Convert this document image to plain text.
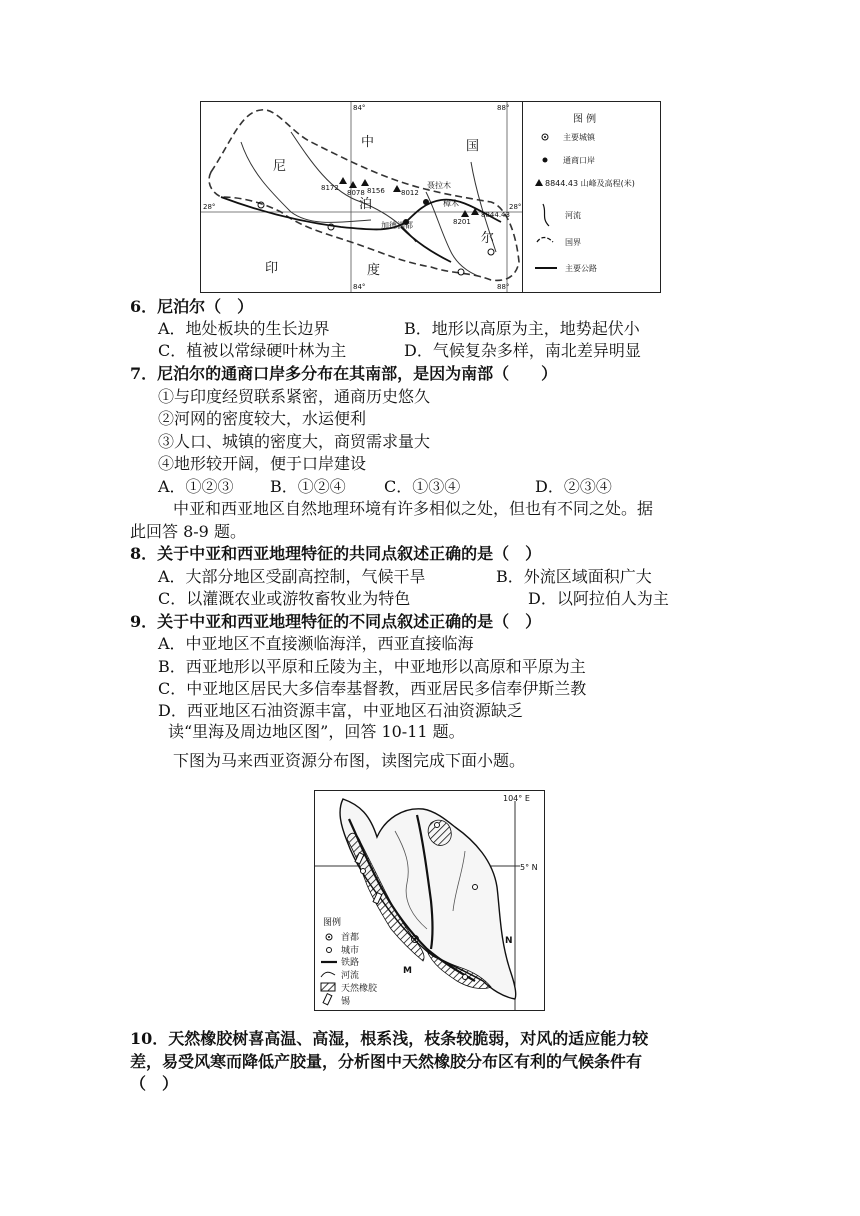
中	国
尼
泊
尔
印	度
加德满都
樟木
聂拉木
84°	88°
28°	28°
84°	88°
8172
8078 8156 8012
8201
8844.43
图 例
主要城镇
通商口岸
8844.43 山峰及高程(米)
河流
国界
主要公路
6．尼泊尔（　）
A．地处板块的生长边界	B．地形以高原为主，地势起伏小
C．植被以常绿硬叶林为主	D．气候复杂多样，南北差异明显
7．尼泊尔的通商口岸多分布在其南部，是因为南部（　　）
①与印度经贸联系紧密，通商历史悠久
②河网的密度较大，水运便利
③人口、城镇的密度大，商贸需求量大
④地形较开阔，便于口岸建设
A．①②③ B．①②④ C．①③④	D．②③④
中亚和西亚地区自然地理环境有许多相似之处，但也有不同之处。据
此回答 8-9 题。
8．关于中亚和西亚地理特征的共同点叙述正确的是（　）
A．大部分地区受副高控制，气候干旱	B．外流区域面积广大
C．以灌溉农业或游牧畜牧业为特色	D．以阿拉伯人为主
9．关于中亚和西亚地理特征的不同点叙述正确的是（　）
A．中亚地区不直接濒临海洋，西亚直接临海
B．西亚地形以平原和丘陵为主，中亚地形以高原和平原为主
C．中亚地区居民大多信奉基督教，西亚居民多信奉伊斯兰教
D．西亚地区石油资源丰富，中亚地区石油资源缺乏
读“里海及周边地区图”，回答 10-11 题。
下图为马来西亚资源分布图，读图完成下面小题。
104° E
5° N
N
M
图例
首都
城市
铁路
河流
天然橡胶
锡
10．天然橡胶树喜高温、高湿，根系浅，枝条较脆弱，对风的适应能力较
差，易受风寒而降低产胶量，分析图中天然橡胶分布区有利的气候条件有
（　）
